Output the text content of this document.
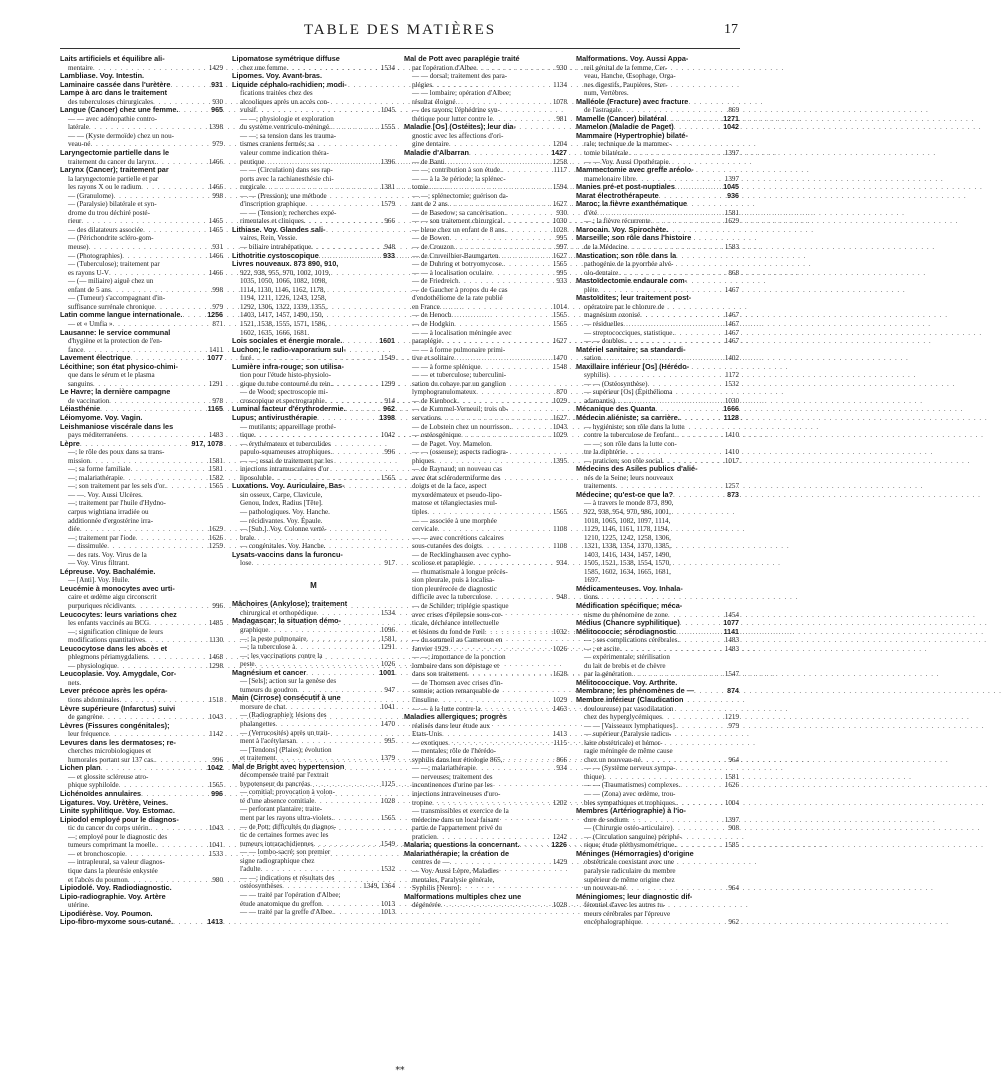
TABLE DES MATIÈRES	17
Laits artificiels et équilibre ali-
mentaire . . .	1429
Lambliase. Voy. Intestin.
Laminaire cassée dans l'urètère . . .	931
Lampe à arc dans le traitement
des tuberculoses chirurgicales . . .	930
Langue (Cancer) chez une femme. . . .	965
— — avec adénopathie contro-
latérale . . .	1398
— — (Kyste dermoïde) chez un nou-
veau-né . . .	979
Laryngectomie partielle dans le
traitement du cancer du larynx. . . .	1466
Larynx (Cancer); traitement par
la laryngectomie partielle et par
les rayons X ou le radium . . .	1466
— (Granulome) . . .	998
— (Paralysie) bilatérale et syn-
drome du trou déchiré posté-
rieur . . .	1465
— des dilatateurs associée . . .	1465
— (Périchondrite scléro-gom-
meuse) . . .	931
— (Photographies) . . .	1466
— (Tuberculose); traitement par
es rayons U-V . . .	1466
— (— miliaire) aiguë chez un
enfant de 5 ans . . .	998
— (Tumeur) s'accompagnant d'in-
suffisance surrénale chronique . . .	979
Latin comme langue internationale. . . .	1256
— et « Umfia » . . .	871
Lausanne: le service communal
d'hygiène et la protection de l'en-
fance . . .	1411
Lavement électrique . . .	1077
Lécithine; son état physico-chimi-
que dans le sérum et le plasma
sanguins . . .	1291
Le Havre; la dernière campagne
de vaccination . . .	978
Léiasthénie . . .	1165
Léiomyome. Voy. Vagin.
Leishmaniose viscérale dans les
pays méditerranéens . . .	1483
Lèpre . . .	917, 1078
—; le rôle des poux dans sa trans-
mission . . .	1581
—; sa forme familiale . . .	1581
—; malariathérapie . . .	1582
—; son traitement par les sels d'or. . . .	1565
— —. Voy. Aussi Ulcères.
—; traitement par l'huile d'Hydno-
carpus wightiana irradiée ou
additionnée d'ergostérine irra-
diée . . .	1629
—; traitement par l'iode . . .	1626
— dissimulée . . .	1259
— des rats. Voy. Virus de la
— Voy. Virus filtrant.
Lépreuse. Voy. Bachalémie.
— [Anti]. Voy. Huile.
Leucémie à monocytes avec urti-
caire et œdème aigu circonscrit
purpuriques récidivants . . .	996
Leucocytes: leurs variations chez
les enfants vaccinés au BCG . . .	1485
—; signification clinique de leurs
modifications quantitatives . . .	1130
Leucocytose dans les abcès et
phlegmons périamygdaliens . . .	1468
— physiologique . . .	1298
Leucoplasie. Voy. Amygdale, Cor-
nets.
Lever précoce après les opéra-
tions abdominales . . .	1518
Lèvre supérieure (Infarctus) suivi
de gangrène . . .	1043
Lèvres (Fissures congénitales);
leur fréquence . . .	1142
Levures dans les dermatoses; re-
cherches microbiologiques et
humorales portant sur 137 cas. . . .	996
Lichen plan . . .	1042
— et glossite scléreuse atro-
phique syphiloïde . . .	1565
Lichénoïdes annulaires . . .	996
Ligatures. Voy. Urètère, Veines.
Linite syphilitique. Voy. Estomac.
Lipiodol employé pour le diagnos-
tic du cancer du corps utérin. . . .	1043
—; employé pour le diagnostic des
tumeurs comprimant la moelle. . . .	1041
— et bronchoscopie . . .	1533
— intrapleural, sa valeur diagnos-
tique dans la pleurésie enkystée
et l'abcès du poumon . . .	980
Lipiodolé. Voy. Radiodiagnostic.
Lipio-radiographie. Voy. Artère
utérine.
Lipodiérèse. Voy. Poumon.
Lipo-fibro-myxome sous-cutané. . . .	1413
Lipomatose symétrique diffuse
chez une femme . . .	1534
Lipomes. Voy. Avant-bras.
Liquide céphalo-rachidien; modi-
fications traitées chez des
alcooliques après un accès con-
vulsif . . .	1045
— —; physiologie et exploration
du système ventriculo-méningé. . . .	1555
— —; sa tension dans les trauma-
tismes craniens fermés; sa
valeur comme indication théra-
peutique . . .	1396
— — (Circulation) dans ses rap-
ports avec la rachianesthésie chi-
rurgicale . . .	1381
— — (Pression); une méthode
d'inscription graphique . . .	1579
— — (Tension); recherches expé-
rimentales et cliniques . . .	966
Lithiase. Voy. Glandes sali-
vaires, Rein, Vessie.
— biliaire intrahépatique . . .	948
Lithotritie cystoscopique . . .	933
Livres nouveaux. 873 890, 910,
922, 938, 955, 970, 1002, 1019,
1035, 1050, 1066, 1082, 1098,
1114, 1130, 1146, 1162, 1178,
1194, 1211, 1226, 1243, 1258,
1292, 1306, 1322, 1339, 1355,
1403, 1417, 1457, 1490, 150,
1521, 1538, 1555, 1571, 1586,
1602, 1635, 1666, 1681.
Lois sociales et énergie morale. . . .	1601
Luchon; le radio-vaporarium sul-
furé . . .	1549
Lumière infra-rouge; son utilisa-
tion pour l'étude histo-physiolo-
gique du tube contourné du rein. . . .	1299
— de Wood; spectroscopie mi-
croscopique et spectrographie . . .	914
Luminal facteur d'érythrodermie. . . .	962
Lupus; antivirusthérapie . . .	1398
— mutilants; appareillage prothé-
tique . . .	1042
— érythémateux et tuberculides
papulo-squameuses atrophiques. . . .	996
— —; essai de traitement par les
injections intramusculaires d'or
liposoluble . . .	1565
Luxations. Voy. Auriculaire, Bas-
sin osseux, Carpe, Clavicule,
Genou, Index, Radius [Tête].
— pathologiques. Voy. Hanche.
— récidivantes. Voy. Épaule.
— [Sub.]. Voy. Colonne verté-
brale.
— congénitales. Voy. Hanche.
Lysats-vaccins dans la furoncu-
lose . . .	917
M
Mâchoires (Ankylose); traitement
chirurgical et orthopédique . . .	1534
Madagascar; la situation démo-
graphique . . .	1096
—; la peste pulmonaire . . .	1581
—; la tuberculose à . . .	1291
—; les vaccinations contre la
peste . . .	1026
Magnésium et cancer . . .	1001
— [Sels]; action sur la genèse des
tumeurs du goudron . . .	947
Main (Cirrose) consécutif à une
morsure de chat . . .	1041
— (Radiographie); lésions des
phalangettes . . .	1470
— (Verrucosités) après un trait-
ment à l'acétylarsan . . .	995
— [Tendons] (Plaies); évolution
et traitement . . .	1379
Mal de Bright avec hypertension
décompensée traité par l'extrait
hypotenseur du pancréas . . .	1125
— comitial; provocation à volon-
té d'une absence comitiale . . .	1028
— perforant plantaire; traite-
ment par les rayons ultra-violets. . . .	1565
— de Pott; difficultés du diagnos-
tic de certaines formes avec les
tumeurs intrarachidiennes . . .	1549
— — lombo-sacré; son premier
signe radiographique chez
l'adulte . . .	1532
— —; indications et résultats des
ostéosynthèses . . .	1349, 1364
— — traité par l'opération d'Albee;
étude anatomique du greffon . . .	1013
— — traité par la greffe d'Albee. . . .	1013
Mal de Pott avec paraplégie traité
par l'opération d'Albee . . .	930
— — dorsal; traitement des para-
plégies . . .	1134
— — lombaire; opération d'Albee;
résultat éloigné . . .	1078
— des rayons; l'éphédrine syn-
thétique pour lutter contre le . . .	981
Maladie [Os] (Ostéites); leur dia-
gnostic avec les affections d'ori-
gine dentaire . . .	1204
Maladie d'Albarran . . .	1427
— de Banti . . .	1258
— —; contribution à son étude. . . .	1117
— — à la 3e période; la splénec-
tomie . . .	1594
— —; splénectomie; guérison da-
tant de 2 ans . . .	1627
— de Basedow; sa cancérisation. . . .	930
— — son traitement chirurgical . . .	1030
— bleue chez un enfant de 8 ans. . . .	1028
— de Bowen . . .	995
— de Crouzon . . .	997
— de Cruveilhier-Baumgarten . . .	1627
— de Duhring et botryomycose. . . .	1565
— — à localisation oculaire . . .	995
— de Friedreich . . .	933
— de Gaucher à propos du 4e cas
d'endothéliome de la rate publié
en France . . .	1014
— de Henoch . . .	1565
— de Hodgkin . . .	1565
— — à localisation méningée avec
paraplégie . . .	1627
— — à forme pulmonaire primi-
tive et solitaire . . .	1470
— — à forme splénique . . .	1548
— — et tuberculose; tuberculini-
sation du cobaye par un ganglion
lymphogranulomateux . . .	870
— de Kienbock . . .	1029
— de Kummel-Verneuil; trois ob-
servations . . .	1627
— de Lobstein chez un nourrisson. . . .	1043
— ostéosgénique . . .	1029
— de Paget. Voy. Mamelon.
— — (osseuse); aspects radiogra-
phiques . . .	1395
— de Raynaud; un nouveau cas
avec état sclérodermiforme des
doigts et de la face, aspect
myxœdémateux et pseudo-lipo-
matose et télangiectasies mul-
tiples . . .	1565
— — associée à une morphée
cervicale . . .	1108
— — avec concrétions calcaires
sous-cutanées des doigts . . .	1108
— de Recklinghausen avec cypho-
scoliose et paraplégie . . .	934
— rhumatismale à longue précès-
sion pleurale, puis à localisa-
tion pleurérecée de diagnostic
difficile avec la tuberculose . . .	948
— de Schilder; triplégie spastique
avec crises d'épilepsie sous-cor-
ticale, déchéance intellectuelle
et lésions du fond de l'œil . . .	1032
— du sommeil au Cameroun en
Janvier 1929 . . .	1026
— —; importance de la ponction
lombaire dans son dépistage et
dans son traitement . . .	1628
— de Thomsen avec crises d'in-
somnie; action remarquable de
l'insuline . . .	1029
— — à la lutte contre la . . .	1463
Maladies allergiques; progrès
réalisés dans leur étude aux
Etats-Unis . . .	1413
— exotiques . . .	1115
— mentales; rôle de l'hérédo-
syphilis dans leur étiologie 865, . . .	866
— —; malariathérapie . . .	934
— nerveuses; traitement des
incontinences d'urine par les
injections intraveineuses d'uro-
tropine . . .	1202
— transmissibles et exercice de la
médecine dans un local faisant
partie de l'appartement privé du
praticien . . .	1242
Malaria; questions la concernant. . . .	1226
Malariathérapie; la création de
centres de — . . .	1429
— Voy. Aussi Lèpre, Maladies
mentales, Paralysie générale,
Syphilis [Neuro].
Malformations multiples chez une
dégénérée . . .	1028
Malformations. Voy. Aussi Appa-
reil génital de la femme, Cer-
veau, Hanche, Œsophage, Orga-
nes digestifs, Paupières, Ster-
num, Vertèbres.
Malléole (Fracture) avec fracture
de l'astragale . . .	869
Mamelle (Cancer) bilatéral . . .	1271
Mamelon (Maladie de Paget) . . .	1042
Mammaire (Hypertrophie) bilaté-
rale; technique de la mammec-
tomie bilatérale . . .	1397
— — Voy. Aussi Opothérapie.
Mammectomie avec greffe aréolo-
mamelonaire libre . . .	1397
Manies pré-et post-nuptiales . . .	1045
Marat électrothérapeute . . .	936
Maroc; la fièvre exanthématique
d'été . . .	1581
— ; la fièvre récurrente . . .	1629
Marocain. Voy. Spirochète.
Marseille; son rôle dans l'histoire
de la Médecine . . .	1583
Mastication; son rôle dans la
pathogénie de la pyorrhée alvé-
olo-dentaire . . .	868
Mastoïdectomie endaurale com-
plète . . .	1467
Mastoïdites; leur traitement post-
opératoire par le chlorure de
magnésium ozonisé . . .	1467
— résiduelles . . .	1467
— streptococciques, statistique. . . .	1467
— — doubles . . .	1467
Matériel sanitaire; sa standardi-
sation . . .	1402
Maxillaire inférieur [Os] (Hérédo-
syphilis) . . .	1172
— — (Ostéosynthèse) . . .	1532
— supérieur [Os] (Épithélioma
adamantis) . . .	1030
Mécanique des Quanta . . .	1666
Médecin aliéniste; sa carrière. . . .	1128
— hygiéniste; son rôle dans la lutte
contre la tuberculose de l'enfant. . . .	1410
— —; son rôle dans la lutte con-
tre la diphtérie . . .	1410
— praticien; son rôle social . . .	1017
Médecins des Asiles publics d'alié-
nés de la Seine; leurs nouveaux
traitements . . .	1257
Médecine; qu'est-ce que la? . . .	873
— à travers le monde 873, 890,
922, 938, 954, 970, 986, 1001,
1018, 1065, 1082, 1097, 1114,
1129, 1146, 1161, 1178, 1194,
1210, 1225, 1242, 1258, 1306,
1321, 1338, 1354, 1370, 1385,
1403, 1416, 1434, 1457, 1490,
1505, 1521, 1538, 1554, 1570,
1585, 1602, 1634, 1665, 1681,
1697.
Médicamenteuses. Voy. Inhala-
tions.
Médification spécifique; méca-
nisme du phénomène de zone . . .	1454
Médius (Chancre syphilitique) . . .	1077
Mélitococcie; sérodiagnostic . . .	1141
— ; ses complications cérébrales. . . .	1483
— ; et ascite . . .	1483
— expérimentale; stérilisation
du lait de brebis et de chèvre
par la génération . . .	1547
Mélitococcique. Voy. Arthrite.
Membrane; les phénomènes de — . . .	874
Membre inférieur (Claudication
douloureuse) par vasodilatation
chez des hyperglycémiques . . .	1219
— — [Vaisseaux lymphatiques]. . . .	979
— supérieur (Paralysie radicu-
laire obstétricale) et hémor-
ragie méningée de même cause
chez un nouveau-né . . .	964
— — (Système nerveux sympa-
thique) . . .	1581
— — (Traumatismes) complexes. . . .	1626
— — (Zona) avec œdème, trou-
bles sympathiques et trophiques. . . .	1004
Membres (Artériographie) à l'io-
dure de sodium . . .	1397
— (Chirurgie ostéo-articulaire) . . .	908
— (Circulation sanguine) périphé-
rique; étude pléthysmométrique. . . .	1585
Méninges (Hémorragies) d'origine
obstétricale coexistant avec une
paralysie radiculaire du membre
supérieur de même origine chez
un nouveau-né . . .	964
Méningiomes; leur diagnostic dif-
férentiel d'avec les autres tu-
meurs cérébrales par l'épreuve
encéphalographique . . .	962
**
